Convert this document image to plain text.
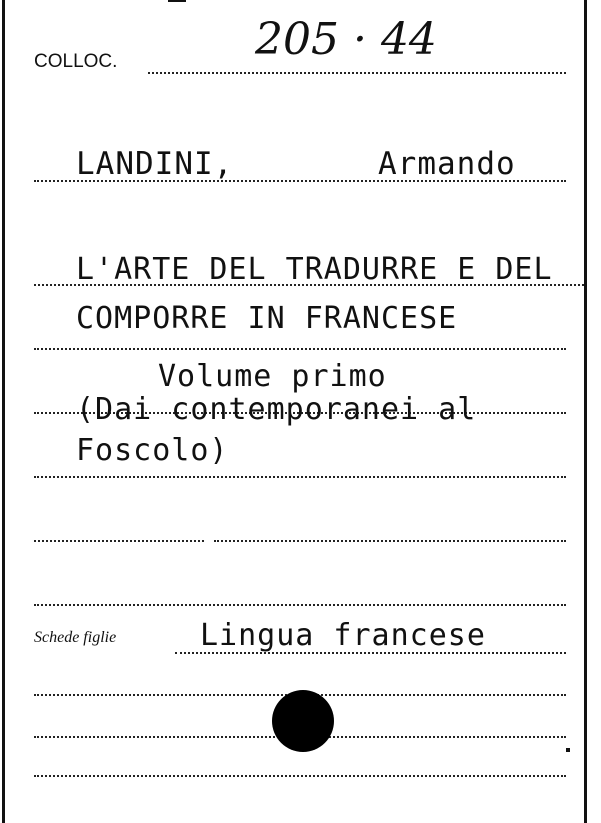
COLLOC.	205 · 44
LANDINI,	Armando
L'ARTE DEL TRADURRE E DEL
COMPORRE IN FRANCESE
Volume primo
(Dai contemporanei al
Foscolo)
Schede figlie	Lingua francese
